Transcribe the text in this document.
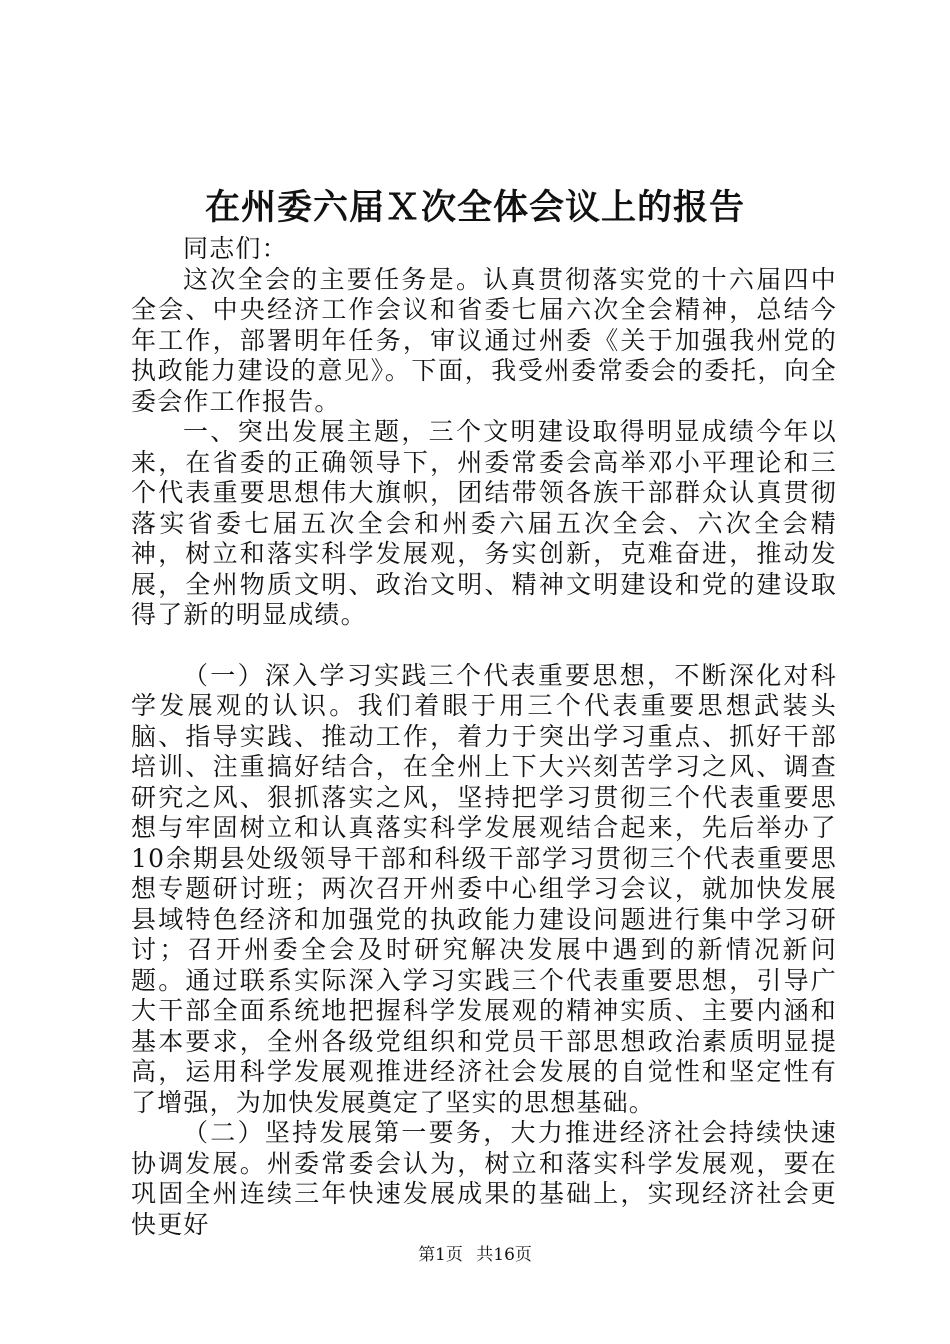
在州委六届Ｘ次全体会议上的报告

同志们：

这次全会的主要任务是。认真贯彻落实党的十六届四中全会、中央经济工作会议和省委七届六次全会精神，总结今年工作，部署明年任务，审议通过州委《关于加强我州党的执政能力建设的意见》。下面，我受州委常委会的委托，向全委会作工作报告。

一、突出发展主题，三个文明建设取得明显成绩今年以来，在省委的正确领导下，州委常委会高举邓小平理论和三个代表重要思想伟大旗帜，团结带领各族干部群众认真贯彻落实省委七届五次全会和州委六届五次全会、六次全会精神，树立和落实科学发展观，务实创新，克难奋进，推动发展，全州物质文明、政治文明、精神文明建设和党的建设取得了新的明显成绩。

（一）深入学习实践三个代表重要思想，不断深化对科学发展观的认识。我们着眼于用三个代表重要思想武装头脑、指导实践、推动工作，着力于突出学习重点、抓好干部培训、注重搞好结合，在全州上下大兴刻苦学习之风、调查研究之风、狠抓落实之风，坚持把学习贯彻三个代表重要思想与牢固树立和认真落实科学发展观结合起来，先后举办了10余期县处级领导干部和科级干部学习贯彻三个代表重要思想专题研讨班；两次召开州委中心组学习会议，就加快发展县域特色经济和加强党的执政能力建设问题进行集中学习研讨；召开州委全会及时研究解决发展中遇到的新情况新问题。通过联系实际深入学习实践三个代表重要思想，引导广大干部全面系统地把握科学发展观的精神实质、主要内涵和基本要求，全州各级党组织和党员干部思想政治素质明显提高，运用科学发展观推进经济社会发展的自觉性和坚定性有了增强，为加快发展奠定了坚实的思想基础。

（二）坚持发展第一要务，大力推进经济社会持续快速协调发展。州委常委会认为，树立和落实科学发展观，要在巩固全州连续三年快速发展成果的基础上，实现经济社会更快更好

第1页 共16页
